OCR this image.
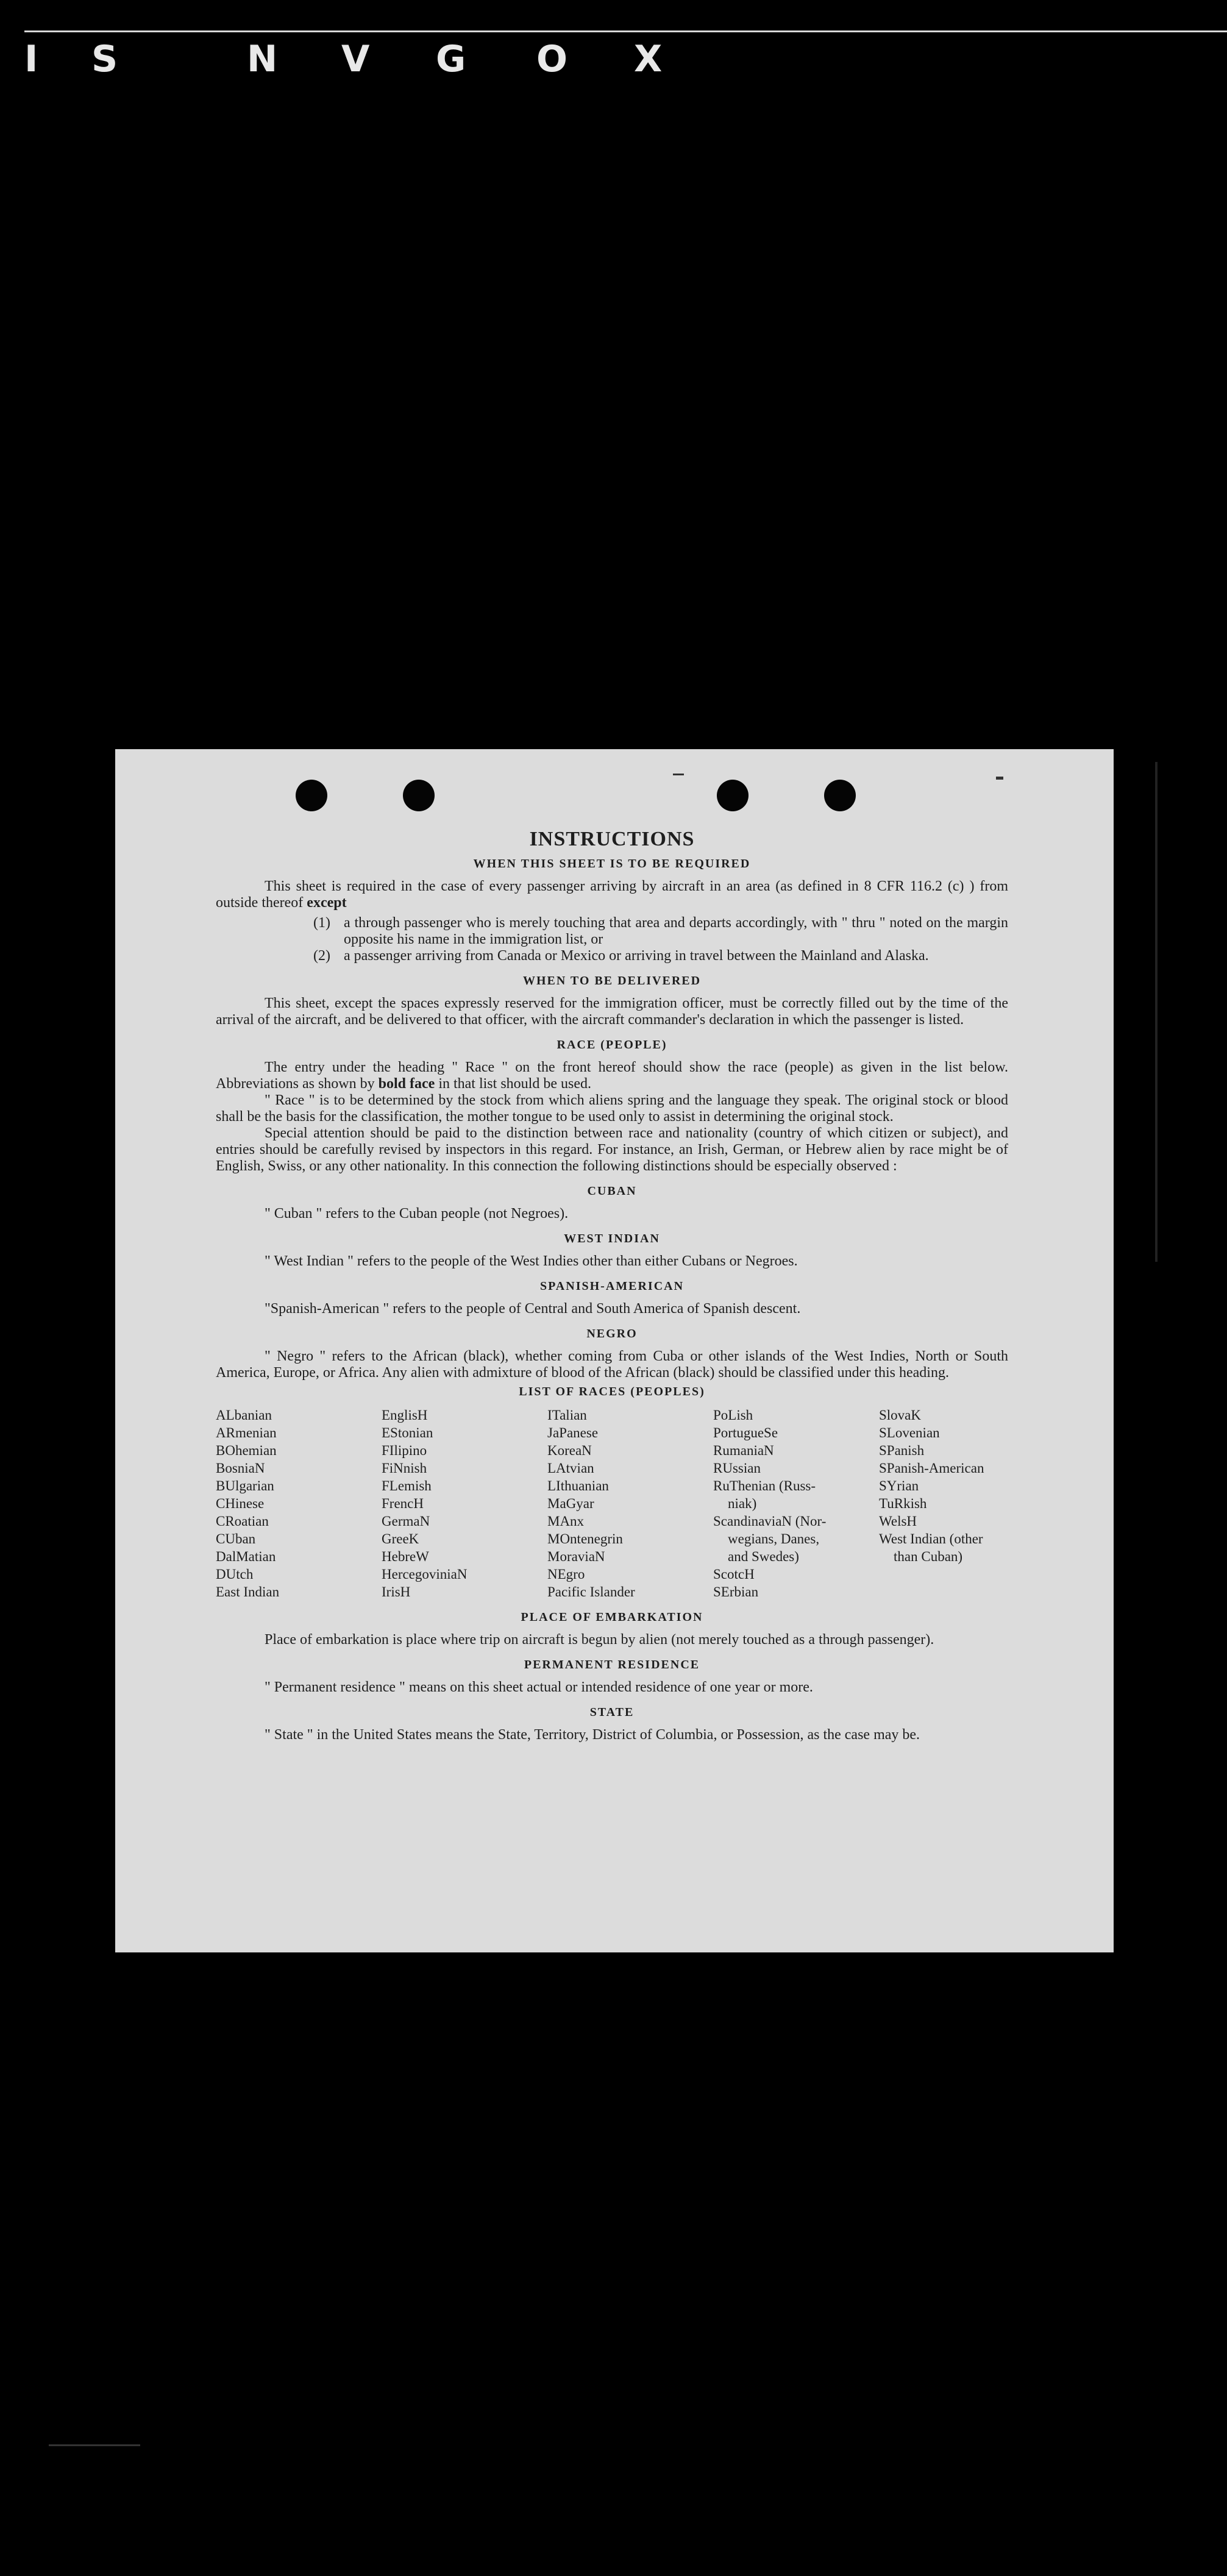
I S	N V G O X
INSTRUCTIONS
WHEN THIS SHEET IS TO BE REQUIRED

This sheet is required in the case of every passenger arriving by aircraft in an area (as defined in 8 CFR 116.2 (c) ) from outside thereof except

(1) a through passenger who is merely touching that area and departs accordingly, with " thru " noted on the margin opposite his name in the immigration list, or
(2) a passenger arriving from Canada or Mexico or arriving in travel between the Mainland and Alaska.
WHEN TO BE DELIVERED

This sheet, except the spaces expressly reserved for the immigration officer, must be correctly filled out by the time of the arrival of the aircraft, and be delivered to that officer, with the aircraft commander's declaration in which the passenger is listed.

RACE (PEOPLE)

The entry under the heading " Race " on the front hereof should show the race (people) as given in the list below. Abbreviations as shown by bold face in that list should be used.

" Race " is to be determined by the stock from which aliens spring and the language they speak. The original stock or blood shall be the basis for the classification, the mother tongue to be used only to assist in determining the original stock.

Special attention should be paid to the distinction between race and nationality (country of which citizen or subject), and entries should be carefully revised by inspectors in this regard. For instance, an Irish, German, or Hebrew alien by race might be of English, Swiss, or any other nationality. In this connection the following distinctions should be especially observed :

CUBAN

" Cuban " refers to the Cuban people (not Negroes).

WEST INDIAN

" West Indian " refers to the people of the West Indies other than either Cubans or Negroes.

SPANISH-AMERICAN

"Spanish-American " refers to the people of Central and South America of Spanish descent.

NEGRO

" Negro " refers to the African (black), whether coming from Cuba or other islands of the West Indies, North or South America, Europe, or Africa. Any alien with admixture of blood of the African (black) should be classified under this heading.

LIST OF RACES (PEOPLES)
ALbanian
ARmenian
BOhemian
BosniaN
BUlgarian
CHinese
CRoatian
CUban
DalMatian
DUtch
East Indian
EnglisH
EStonian
FIlipino
FiNnish
FLemish
FrencH
GermaN
GreeK
HebreW
HercegoviniaN
IrisH
ITalian
JaPanese
KoreaN
LAtvian
LIthuanian
MaGyar
MAnx
MOntenegrin
MoraviaN
NEgro
Pacific Islander
PoLish
PortugueSe
RumaniaN
RUssian
RuThenian (Russ-
niak)
ScandinaviaN (Nor-
wegians, Danes,
and Swedes)
ScotcH
SErbian
SlovaK
SLovenian
SPanish
SPanish-American
SYrian
TuRkish
WelsH
West Indian (other
than Cuban)
PLACE OF EMBARKATION

Place of embarkation is place where trip on aircraft is begun by alien (not merely touched as a through passenger).

PERMANENT RESIDENCE

" Permanent residence " means on this sheet actual or intended residence of one year or more.

STATE

" State " in the United States means the State, Territory, District of Columbia, or Possession, as the case may be.
